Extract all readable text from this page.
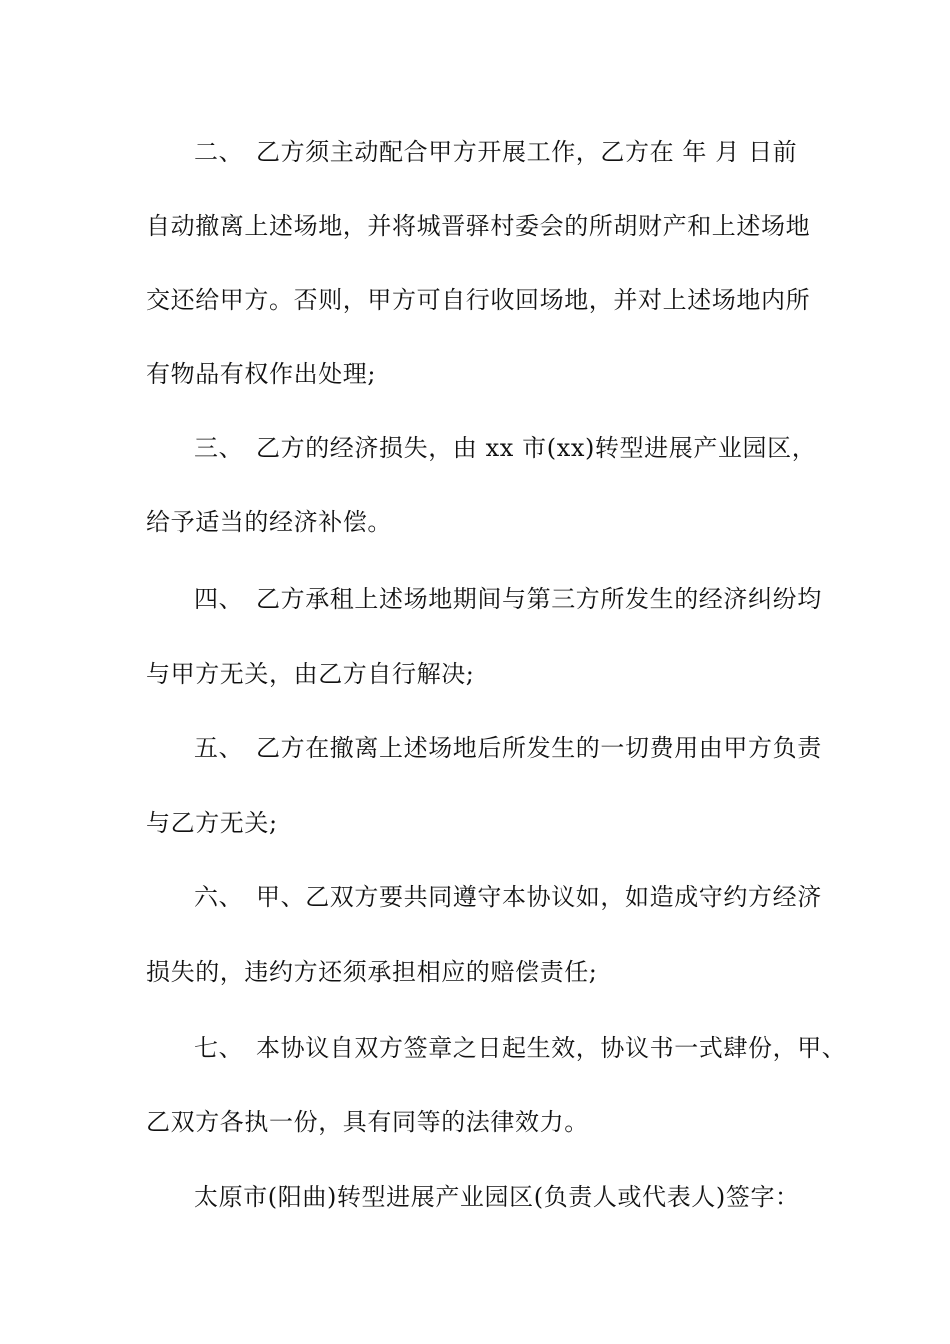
二、 乙方须主动配合甲方开展工作，乙方在 年 月 日前
自动撤离上述场地，并将城晋驿村委会的所胡财产和上述场地
交还给甲方。否则，甲方可自行收回场地，并对上述场地内所
有物品有权作出处理;
三、 乙方的经济损失，由 xx 市(xx)转型进展产业园区，
给予适当的经济补偿。
四、 乙方承租上述场地期间与第三方所发生的经济纠纷均
与甲方无关，由乙方自行解决;
五、 乙方在撤离上述场地后所发生的一切费用由甲方负责
与乙方无关;
六、 甲、乙双方要共同遵守本协议如，如造成守约方经济
损失的，违约方还须承担相应的赔偿责任;
七、 本协议自双方签章之日起生效，协议书一式肆份，甲、
乙双方各执一份，具有同等的法律效力。
太原市(阳曲)转型进展产业园区(负责人或代表人)签字：
